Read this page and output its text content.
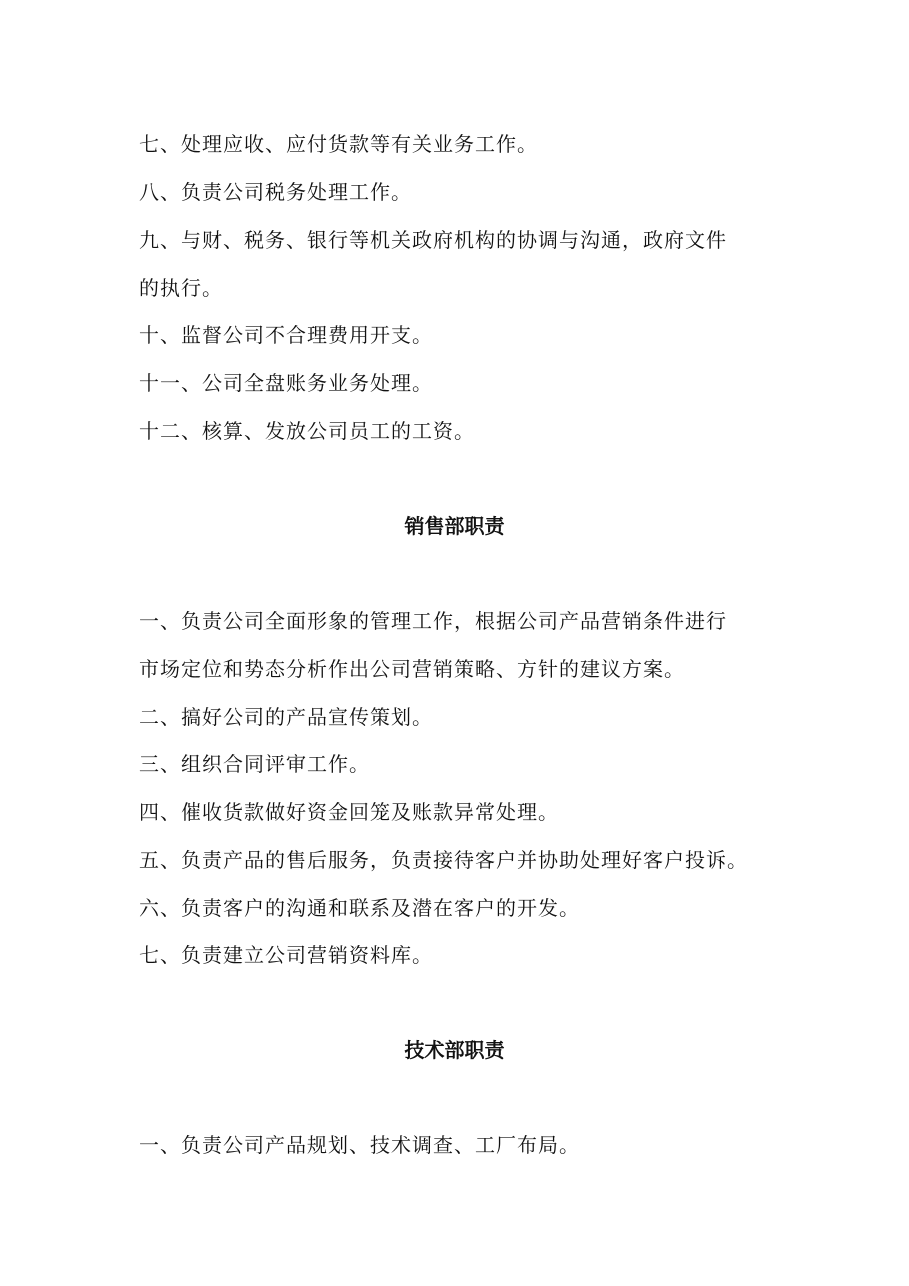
七、处理应收、应付货款等有关业务工作。
八、负责公司税务处理工作。
九、与财、税务、银行等机关政府机构的协调与沟通，政府文件
的执行。
十、监督公司不合理费用开支。
十一、公司全盘账务业务处理。
十二、核算、发放公司员工的工资。
销售部职责
一、负责公司全面形象的管理工作，根据公司产品营销条件进行
市场定位和势态分析作出公司营销策略、方针的建议方案。
二、搞好公司的产品宣传策划。
三、组织合同评审工作。
四、催收货款做好资金回笼及账款异常处理。
五、负责产品的售后服务，负责接待客户并协助处理好客户投诉。
六、负责客户的沟通和联系及潜在客户的开发。
七、负责建立公司营销资料库。
技术部职责
一、负责公司产品规划、技术调查、工厂布局。
